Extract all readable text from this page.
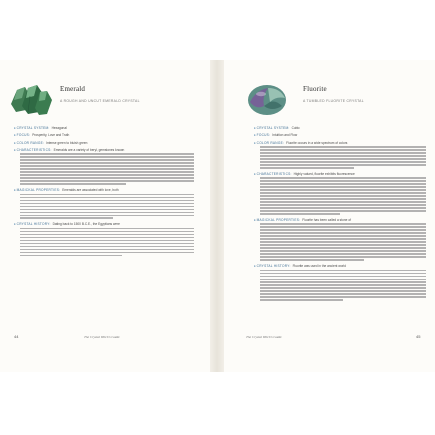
Emerald
A ROUGH AND UNCUT EMERALD CRYSTAL
♦CRYSTAL SYSTEM: Hexagonal
♦FOCUS: Prosperity, Love and Truth
♦COLOR RANGE: Intense green to bluish green
♦CHARACTERISTICS: Emeralds are a variety of beryl, gemstones known
♦MAGICKAL PROPERTIES: Emeralds are associated with love, both
♦CRYSTAL HISTORY: Dating back to 1500 B.C.E., the Egyptians were
44	The Crystal Witch's Guide
Fluorite
A TUMBLED FLUORITE CRYSTAL
♦CRYSTAL SYSTEM: Cubic
♦FOCUS: Intuition and Flow
♦COLOR RANGE: Fluorite occurs in a wide spectrum of colors
♦CHARACTERISTICS: Highly valued, fluorite exhibits fluorescence
♦MAGICKAL PROPERTIES: Fluorite has been called a stone of
♦CRYSTAL HISTORY: Fluorite was used in the ancient world
The Crystal Witch's Guide	45
